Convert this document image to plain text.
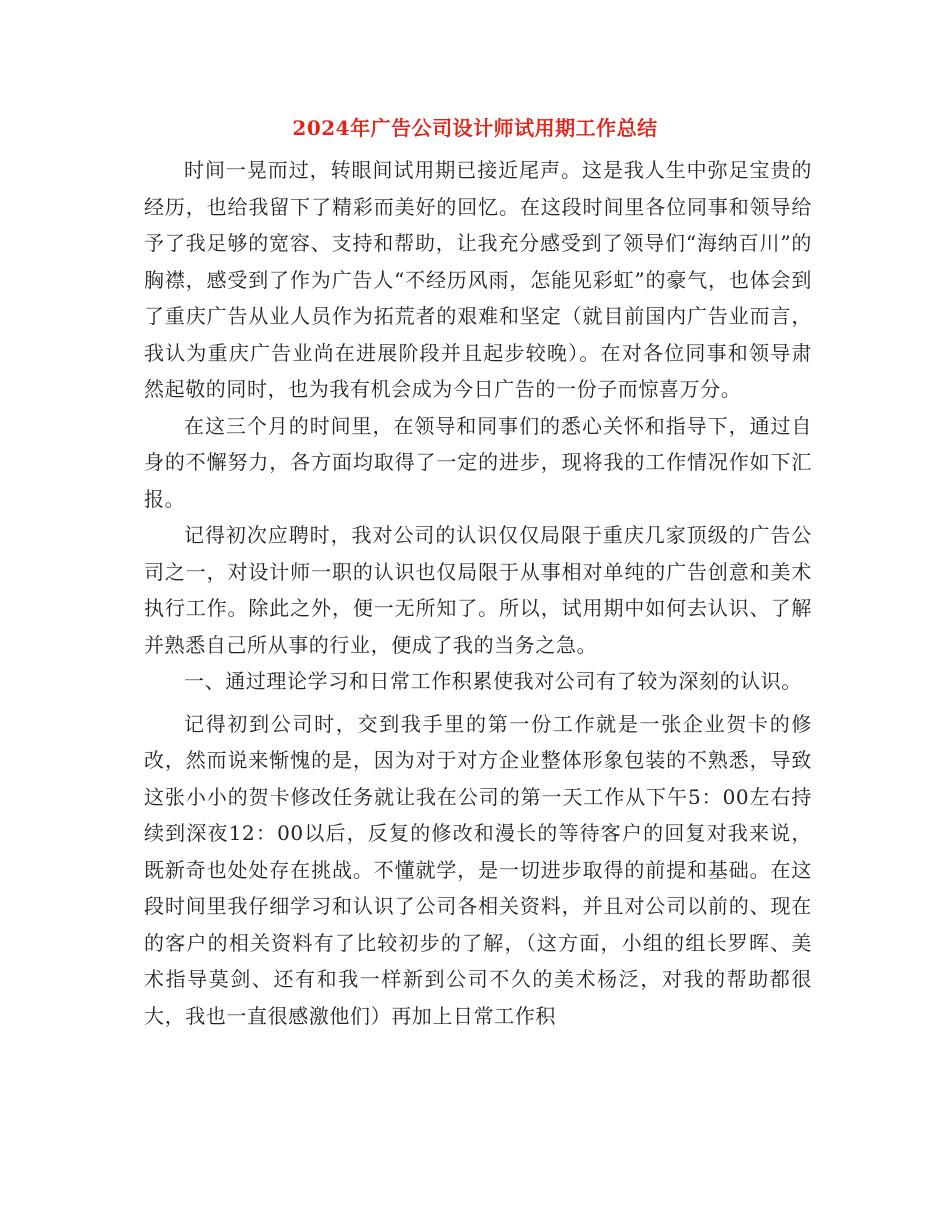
2024年广告公司设计师试用期工作总结

时间一晃而过，转眼间试用期已接近尾声。这是我人生中弥足宝贵的经历，也给我留下了精彩而美好的回忆。在这段时间里各位同事和领导给予了我足够的宽容、支持和帮助，让我充分感受到了领导们“海纳百川”的胸襟，感受到了作为广告人“不经历风雨，怎能见彩虹”的豪气，也体会到了重庆广告从业人员作为拓荒者的艰难和坚定（就目前国内广告业而言，我认为重庆广告业尚在进展阶段并且起步较晚）。在对各位同事和领导肃然起敬的同时，也为我有机会成为今日广告的一份子而惊喜万分。

在这三个月的时间里，在领导和同事们的悉心关怀和指导下，通过自身的不懈努力，各方面均取得了一定的进步，现将我的工作情况作如下汇报。

记得初次应聘时，我对公司的认识仅仅局限于重庆几家顶级的广告公司之一，对设计师一职的认识也仅局限于从事相对单纯的广告创意和美术执行工作。除此之外，便一无所知了。所以，试用期中如何去认识、了解并熟悉自己所从事的行业，便成了我的当务之急。

一、通过理论学习和日常工作积累使我对公司有了较为深刻的认识。

记得初到公司时，交到我手里的第一份工作就是一张企业贺卡的修改，然而说来惭愧的是，因为对于对方企业整体形象包装的不熟悉，导致这张小小的贺卡修改任务就让我在公司的第一天工作从下午5：00左右持续到深夜12：00以后，反复的修改和漫长的等待客户的回复对我来说，既新奇也处处存在挑战。不懂就学，是一切进步取得的前提和基础。在这段时间里我仔细学习和认识了公司各相关资料，并且对公司以前的、现在的客户的相关资料有了比较初步的了解，（这方面，小组的组长罗晖、美术指导莫剑、还有和我一样新到公司不久的美术杨泛，对我的帮助都很大，我也一直很感激他们）再加上日常工作积
